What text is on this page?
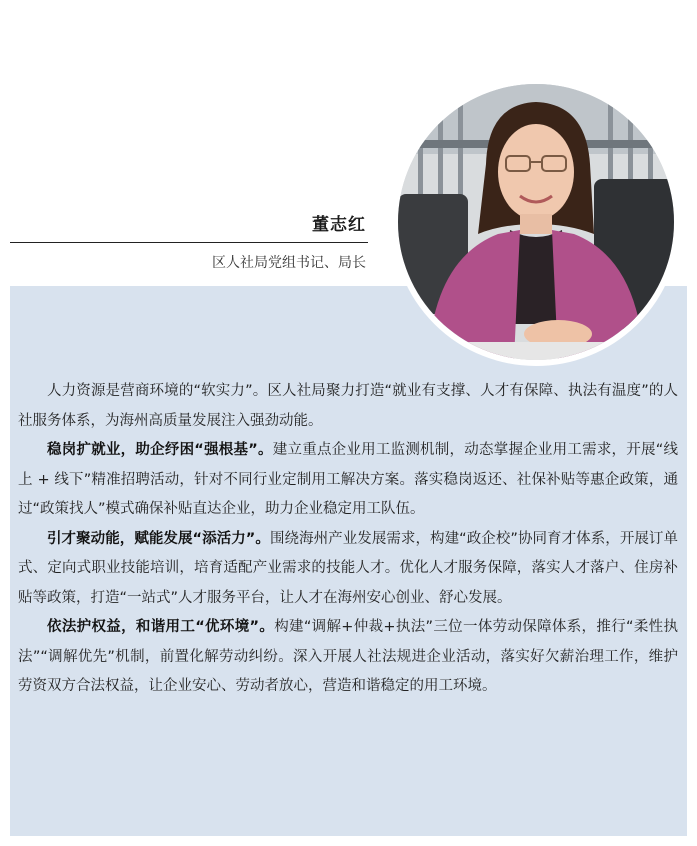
董志红
区人社局党组书记、局长

人力资源是营商环境的“软实力”。区人社局聚力打造“就业有支撑、人才有保障、执法有温度”的人社服务体系，为海州高质量发展注入强劲动能。

稳岗扩就业，助企纾困“强根基”。建立重点企业用工监测机制，动态掌握企业用工需求，开展“线上 + 线下”精准招聘活动，针对不同行业定制用工解决方案。落实稳岗返还、社保补贴等惠企政策，通过“政策找人”模式确保补贴直达企业，助力企业稳定用工队伍。

引才聚动能，赋能发展“添活力”。围绕海州产业发展需求，构建“政企校”协同育才体系，开展订单式、定向式职业技能培训，培育适配产业需求的技能人才。优化人才服务保障，落实人才落户、住房补贴等政策，打造“一站式”人才服务平台，让人才在海州安心创业、舒心发展。

依法护权益，和谐用工“优环境”。构建“调解+仲裁+执法”三位一体劳动保障体系，推行“柔性执法”“调解优先”机制，前置化解劳动纠纷。深入开展人社法规进企业活动，落实好欠薪治理工作，维护劳资双方合法权益，让企业安心、劳动者放心，营造和谐稳定的用工环境。
